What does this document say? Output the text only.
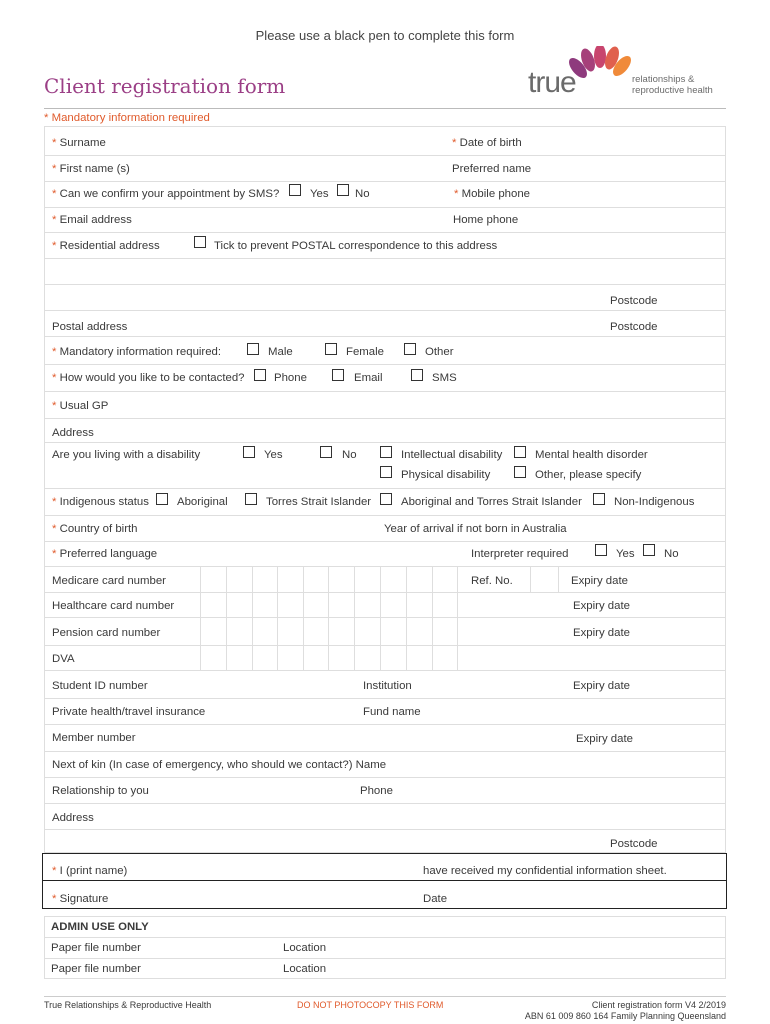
Please use a black pen to complete this form
Client registration form	true	relationships &
reproductive health
* Mandatory information required
* Surname	* Date of birth
* First name (s)	Preferred name
* Can we confirm your appointment by SMS?	Yes No	* Mobile phone
* Email address	Home phone
* Residential address	Tick to prevent POSTAL correspondence to this address
Postcode
Postal address	Postcode
* Mandatory information required:	Male	Female	Other
* How would you like to be contacted?	Phone	Email	SMS
* Usual GP
Address
Are you living with a disability	Yes	No	Intellectual disability	Mental health disorder
Physical disability	Other, please specify
* Indigenous status Aboriginal	Torres Strait Islander	Aboriginal and Torres Strait Islander	Non-Indigenous
* Country of birth	Year of arrival if not born in Australia
* Preferred language	Interpreter required	Yes	No
Medicare card number	Ref. No.	Expiry date
Healthcare card number	Expiry date
Pension card number	Expiry date
DVA
Student ID number	Institution	Expiry date
Private health/travel insurance	Fund name
Member number	Expiry date
Next of kin (In case of emergency, who should we contact?) Name
Relationship to you	Phone
Address
Postcode
* I (print name)	have received my confidential information sheet.
* Signature	Date
ADMIN USE ONLY
Paper file number	Location
Paper file number	Location
True Relationships & Reproductive Health	DO NOT PHOTOCOPY THIS FORM	Client registration form V4 2/2019
ABN 61 009 860 164 Family Planning Queensland
